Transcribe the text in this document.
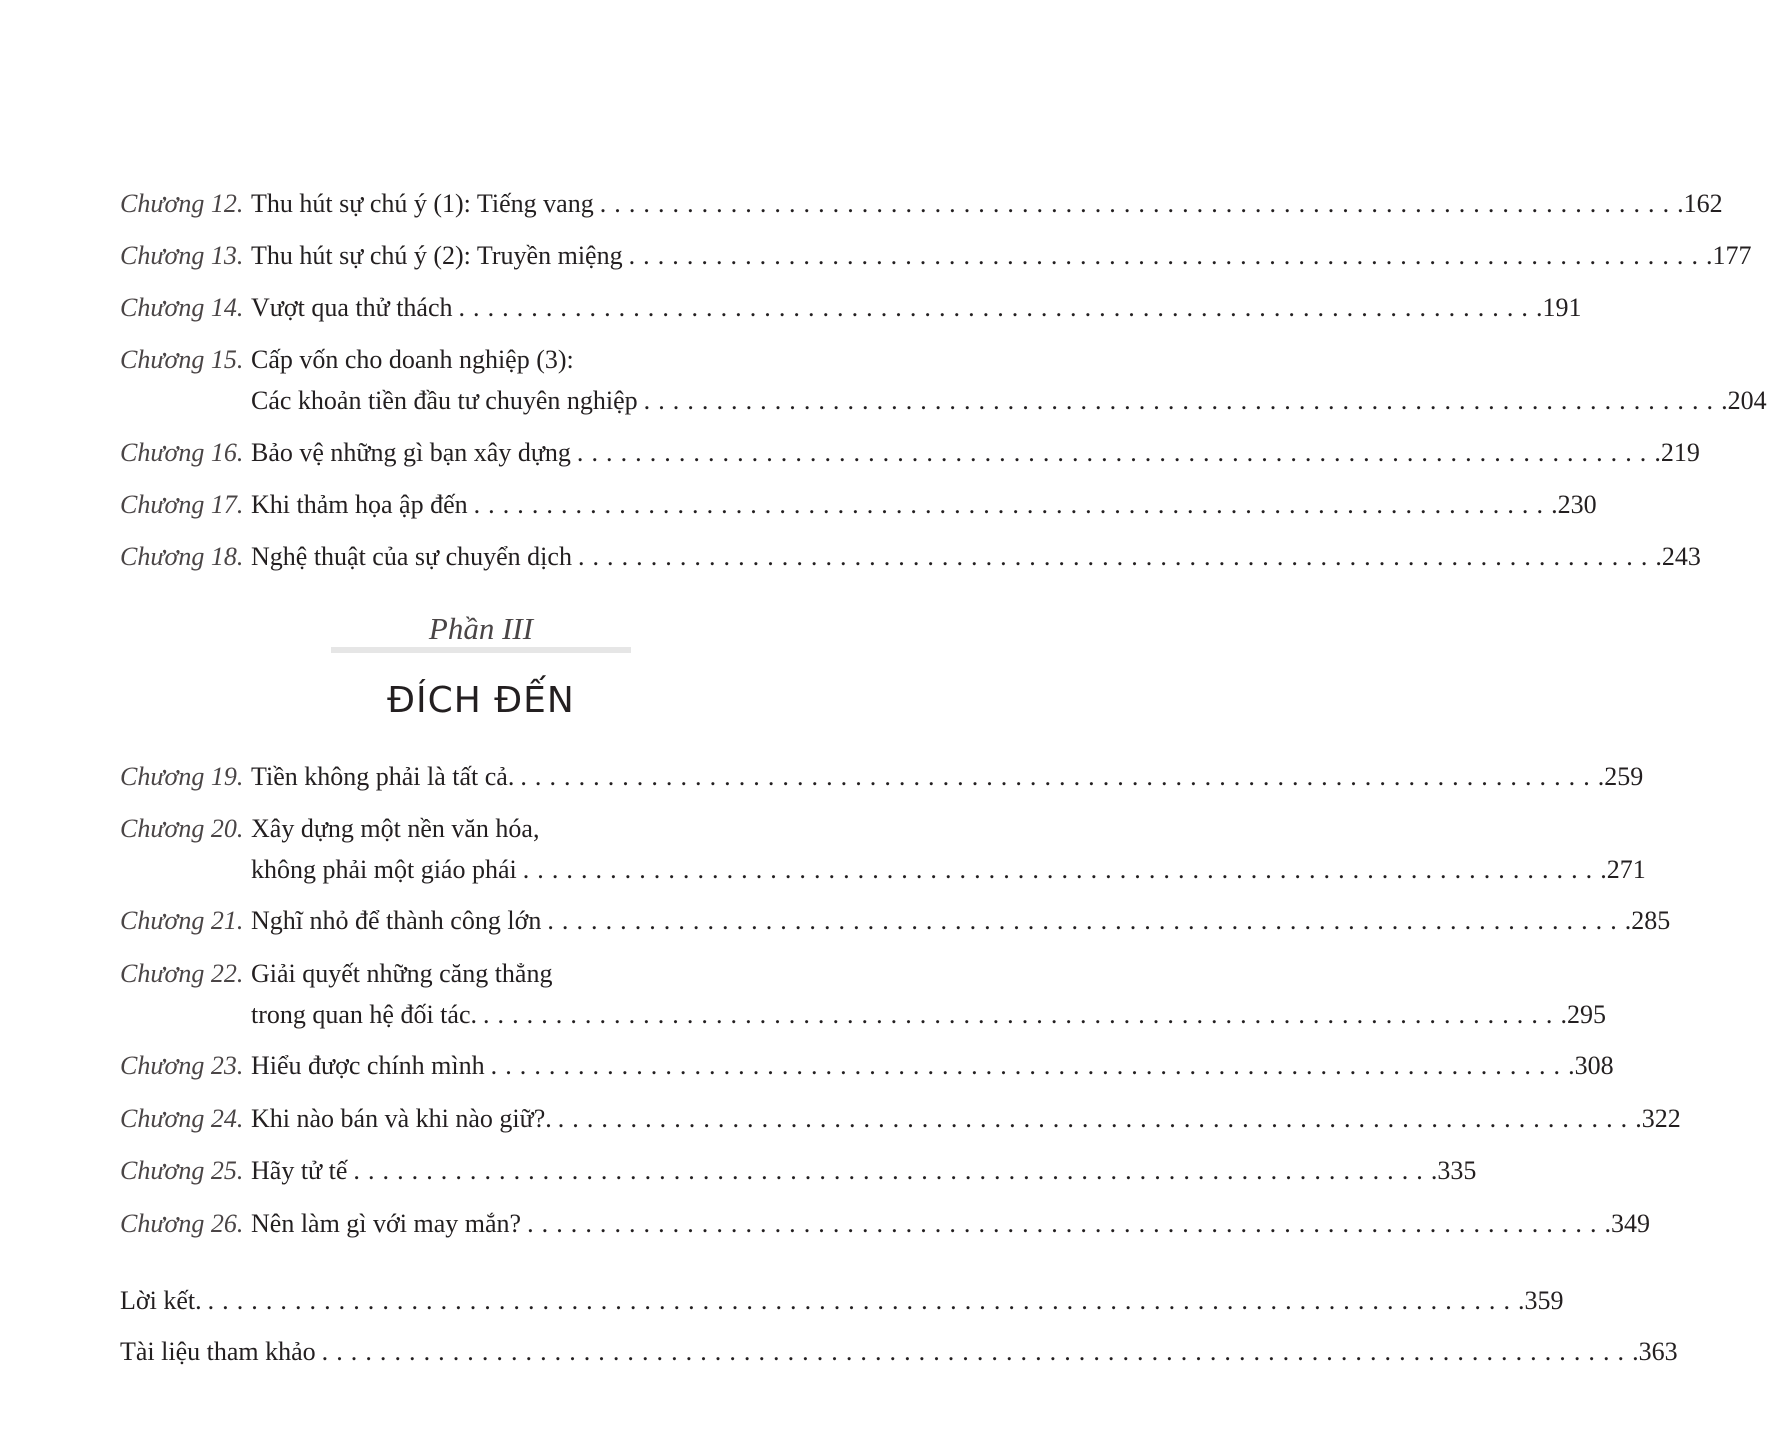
Chương 12. Thu hút sự chú ý (1): Tiếng vang .......................................................................... .162
Chương 13. Thu hút sự chú ý (2): Truyền miệng .......................................................................... .177
Chương 14. Vượt qua thử thách .......................................................................... .191
Chương 15. Cấp vốn cho doanh nghiệp (3):
Các khoản tiền đầu tư chuyên nghiệp .......................................................................... .204
Chương 16. Bảo vệ những gì bạn xây dựng .......................................................................... .219
Chương 17. Khi thảm họa ập đến .......................................................................... .230
Chương 18. Nghệ thuật của sự chuyển dịch .......................................................................... .243
Phần III
ĐÍCH ĐẾN
Chương 19. Tiền không phải là tất cả. .......................................................................... .259
Chương 20. Xây dựng một nền văn hóa,
không phải một giáo phái .......................................................................... .271
Chương 21. Nghĩ nhỏ để thành công lớn .......................................................................... .285
Chương 22. Giải quyết những căng thẳng
trong quan hệ đối tác. .......................................................................... .295
Chương 23. Hiểu được chính mình .......................................................................... .308
Chương 24. Khi nào bán và khi nào giữ?. .......................................................................... .322
Chương 25. Hãy tử tế .......................................................................... .335
Chương 26. Nên làm gì với may mắn? .......................................................................... .349
Lời kết. .......................................................................................... .359
Tài liệu tham khảo .......................................................................................... .363
